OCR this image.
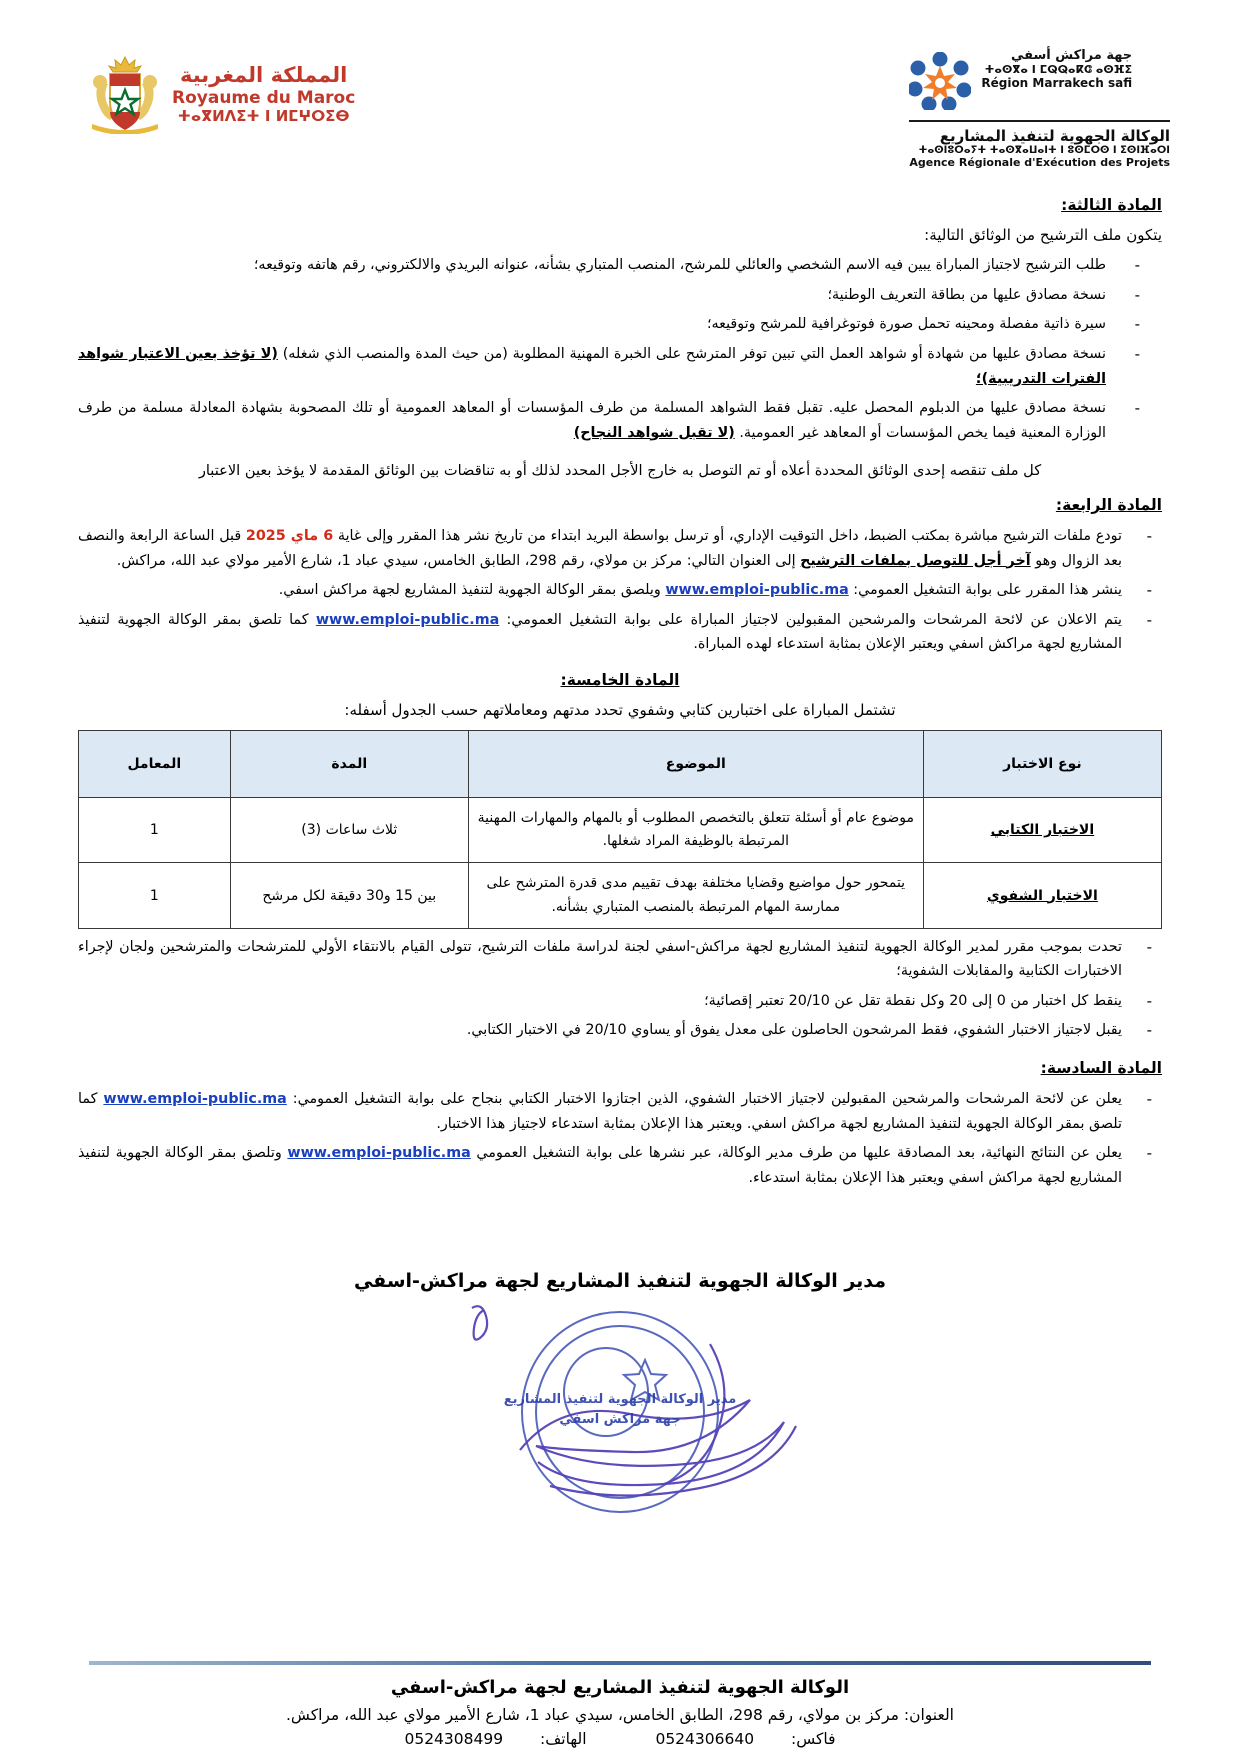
المملكة المغربية
Royaume du Maroc
ⵜⴰⴳⵍⴷⵉⵜ ⵏ ⵍⵎⵖⵔⵉⴱ
جهة مراكش أسفي
ⵜⴰⵙⴳⴰ ⵏ ⵎⵕⵕⴰⴽⵛ ⴰⵙⴼⵉ
Région Marrakech safi
الوكالة الجهوية لتنفيذ المشاريع
ⵜⴰⵙⵏⵓⵔⴰⵢⵜ ⵜⴰⵙⴳⴰⵡⴰⵏⵜ ⵏ ⵓⵙⵎⵔⵙ ⵏ ⵉⵙⵏⴼⴰⵔⵏ
Agence Régionale d'Exécution des Projets
المادة الثالثة:

يتكون ملف الترشيح من الوثائق التالية:

- طلب الترشيح لاجتياز المباراة يبين فيه الاسم الشخصي والعائلي للمرشح، المنصب المتباري بشأنه، عنوانه البريدي والالكتروني، رقم هاتفه وتوقيعه؛
- نسخة مصادق عليها من بطاقة التعريف الوطنية؛
- سيرة ذاتية مفصلة ومحينه تحمل صورة فوتوغرافية للمرشح وتوقيعه؛
- نسخة مصادق عليها من شهادة أو شواهد العمل التي تبين توفر المترشح على الخبرة المهنية المطلوبة (من حيث المدة والمنصب الذي شغله) (لا تؤخذ بعين الاعتبار شواهد الفترات التدريبية)؛
- نسخة مصادق عليها من الدبلوم المحصل عليه. تقبل فقط الشواهد المسلمة من طرف المؤسسات أو المعاهد العمومية أو تلك المصحوبة بشهادة المعادلة مسلمة من طرف الوزارة المعنية فيما يخص المؤسسات أو المعاهد غير العمومية. (لا تقبل شواهد النجاح)

كل ملف تنقصه إحدى الوثائق المحددة أعلاه أو تم التوصل به خارج الأجل المحدد لذلك أو به تناقضات بين الوثائق المقدمة لا يؤخذ بعين الاعتبار

المادة الرابعة:
- تودع ملفات الترشيح مباشرة بمكتب الضبط، داخل التوقيت الإداري، أو ترسل بواسطة البريد ابتداء من تاريخ نشر هذا المقرر وإلى غاية 6 ماي 2025 قبل الساعة الرابعة والنصف بعد الزوال وهو آخر أجل للتوصل بملفات الترشيح إلى العنوان التالي: مركز بن مولاي، رقم 298، الطابق الخامس، سيدي عباد 1، شارع الأمير مولاي عبد الله، مراكش.
- ينشر هذا المقرر على بوابة التشغيل العمومي: www.emploi-public.ma ويلصق بمقر الوكالة الجهوية لتنفيذ المشاريع لجهة مراكش اسفي.
- يتم الاعلان عن لائحة المرشحات والمرشحين المقبولين لاجتياز المباراة على بوابة التشغيل العمومي: www.emploi-public.ma كما تلصق بمقر الوكالة الجهوية لتنفيذ المشاريع لجهة مراكش اسفي ويعتبر الإعلان بمثابة استدعاء لهده المباراة.
المادة الخامسة:

تشتمل المباراة على اختبارين كتابي وشفوي تحدد مدتهم ومعاملاتهم حسب الجدول أسفله:

نوع الاختبار	الموضوع	المدة	المعامل
الاختبار الكتابي	موضوع عام أو أسئلة تتعلق بالتخصص المطلوب أو بالمهام والمهارات المهنية المرتبطة بالوظيفة المراد شغلها.	ثلاث ساعات (3)	1
الاختبار الشفوي	يتمحور حول مواضيع وقضايا مختلفة بهدف تقييم مدى قدرة المترشح على ممارسة المهام المرتبطة بالمنصب المتباري بشأنه.	بين 15 و30 دقيقة لكل مرشح	1
- تحدت بموجب مقرر لمدير الوكالة الجهوية لتنفيذ المشاريع لجهة مراكش-اسفي لجنة لدراسة ملفات الترشيح، تتولى القيام بالانتقاء الأولي للمترشحات والمترشحين ولجان لإجراء الاختبارات الكتابية والمقابلات الشفوية؛
- ينقط كل اختبار من 0 إلى 20 وكل نقطة تقل عن 20/10 تعتبر إقصائية؛
- يقبل لاجتياز الاختبار الشفوي، فقط المرشحون الحاصلون على معدل يفوق أو يساوي 20/10 في الاختبار الكتابي.
المادة السادسة:
- يعلن عن لائحة المرشحات والمرشحين المقبولين لاجتياز الاختبار الشفوي، الذين اجتازوا الاختبار الكتابي بنجاح على بوابة التشغيل العمومي: www.emploi-public.ma كما تلصق بمقر الوكالة الجهوية لتنفيذ المشاريع لجهة مراكش اسفي. ويعتبر هذا الإعلان بمثابة استدعاء لاجتياز هذا الاختبار.
- يعلن عن النتائج النهائية، بعد المصادقة عليها من طرف مدير الوكالة، عبر نشرها على بوابة التشغيل العمومي www.emploi-public.ma وتلصق بمقر الوكالة الجهوية لتنفيذ المشاريع لجهة مراكش اسفي ويعتبر هذا الإعلان بمثابة استدعاء.
مدير الوكالة الجهوية لتنفيذ المشاريع لجهة مراكش-اسفي
مدير الوكالة الجهوية لتنفيذ المشاريع
جهة مراكش اسفي
الوكالة الجهوية لتنفيذ المشاريع لجهة مراكش-اسفي
العنوان: مركز بن مولاي، رقم 298، الطابق الخامس، سيدي عباد 1، شارع الأمير مولاي عبد الله، مراكش.
فاكس: 0524306640 الهاتف: 0524308499
